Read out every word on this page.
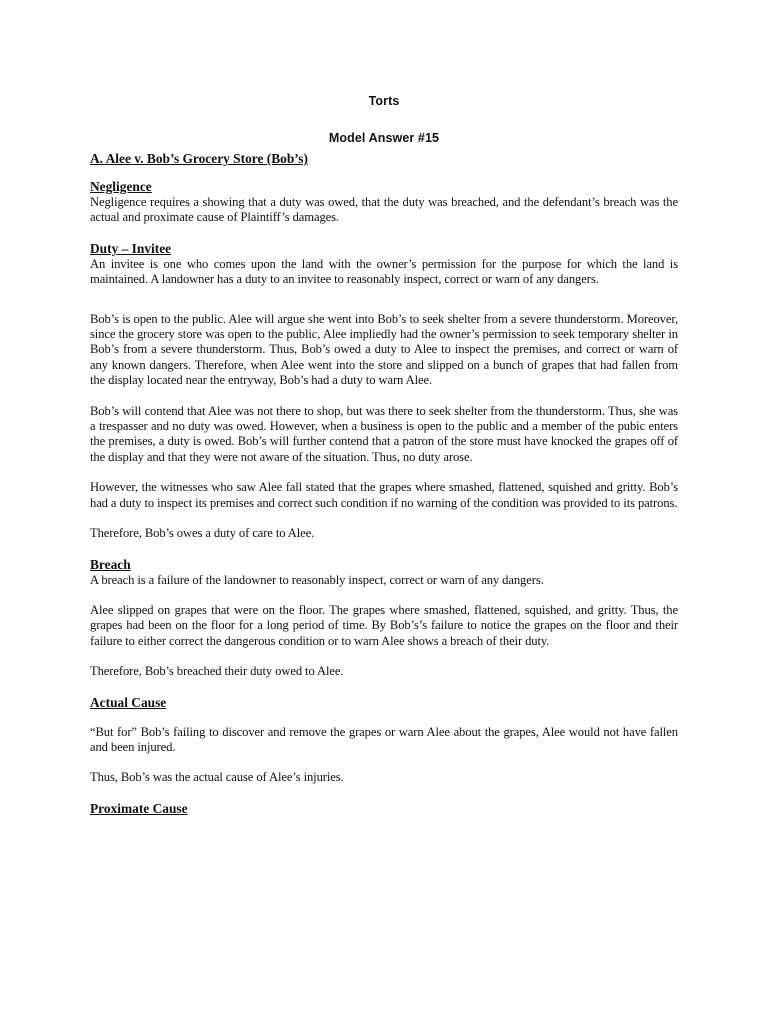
Torts
Model Answer #15
A. Alee v. Bob’s Grocery Store (Bob’s)
Negligence

Negligence requires a showing that a duty was owed, that the duty was breached, and the defendant’s breach was the actual and proximate cause of Plaintiff’s damages.

Duty – Invitee

An invitee is one who comes upon the land with the owner’s permission for the purpose for which the land is maintained. A landowner has a duty to an invitee to reasonably inspect, correct or warn of any dangers.

Bob’s is open to the public. Alee will argue she went into Bob’s to seek shelter from a severe thunderstorm. Moreover, since the grocery store was open to the public, Alee impliedly had the owner’s permission to seek temporary shelter in Bob’s from a severe thunderstorm. Thus, Bob’s owed a duty to Alee to inspect the premises, and correct or warn of any known dangers. Therefore, when Alee went into the store and slipped on a bunch of grapes that had fallen from the display located near the entryway, Bob’s had a duty to warn Alee.

Bob’s will contend that Alee was not there to shop, but was there to seek shelter from the thunderstorm. Thus, she was a trespasser and no duty was owed. However, when a business is open to the public and a member of the pubic enters the premises, a duty is owed. Bob’s will further contend that a patron of the store must have knocked the grapes off of the display and that they were not aware of the situation. Thus, no duty arose.

However, the witnesses who saw Alee fall stated that the grapes where smashed, flattened, squished and gritty. Bob’s had a duty to inspect its premises and correct such condition if no warning of the condition was provided to its patrons.

Therefore, Bob’s owes a duty of care to Alee.

Breach

A breach is a failure of the landowner to reasonably inspect, correct or warn of any dangers.

Alee slipped on grapes that were on the floor. The grapes where smashed, flattened, squished, and gritty. Thus, the grapes had been on the floor for a long period of time. By Bob’s’s failure to notice the grapes on the floor and their failure to either correct the dangerous condition or to warn Alee shows a breach of their duty.

Therefore, Bob’s breached their duty owed to Alee.

Actual Cause

“But for” Bob’s failing to discover and remove the grapes or warn Alee about the grapes, Alee would not have fallen and been injured.

Thus, Bob’s was the actual cause of Alee’s injuries.

Proximate Cause
